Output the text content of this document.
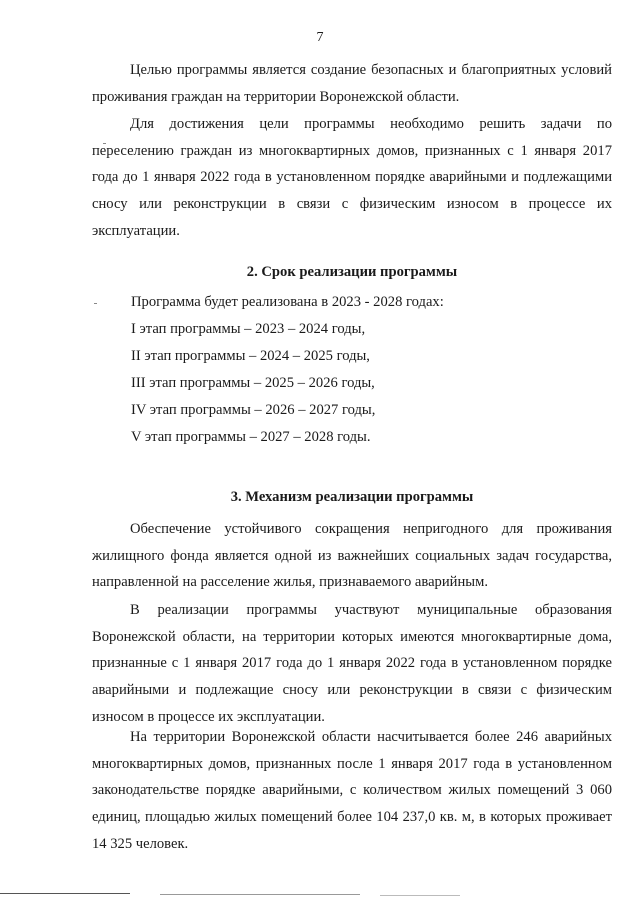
7

Целью программы является создание безопасных и благоприятных условий проживания граждан на территории Воронежской области.

Для достижения цели программы необходимо решить задачи по переселению граждан из многоквартирных домов, признанных с 1 января 2017 года до 1 января 2022 года в установленном порядке аварийными и подлежащими сносу или реконструкции в связи с физическим износом в процессе их эксплуатации.

2. Срок реализации программы

Программа будет реализована в 2023 - 2028 годах:

I этап программы – 2023 – 2024 годы,

II этап программы – 2024 – 2025 годы,

III этап программы – 2025 – 2026 годы,

IV этап программы – 2026 – 2027 годы,

V этап программы – 2027 – 2028 годы.

3. Механизм реализации программы

Обеспечение устойчивого сокращения непригодного для проживания жилищного фонда является одной из важнейших социальных задач государства, направленной на расселение жилья, признаваемого аварийным.

В реализации программы участвуют муниципальные образования Воронежской области, на территории которых имеются многоквартирные дома, признанные с 1 января 2017 года до 1 января 2022 года в установленном порядке аварийными и подлежащие сносу или реконструкции в связи с физическим износом в процессе их эксплуатации.

На территории Воронежской области насчитывается более 246 аварийных многоквартирных домов, признанных после 1 января 2017 года в установленном законодательстве порядке аварийными, с количеством жилых помещений 3 060 единиц, площадью жилых помещений более 104 237,0 кв. м, в которых проживает 14 325 человек.
